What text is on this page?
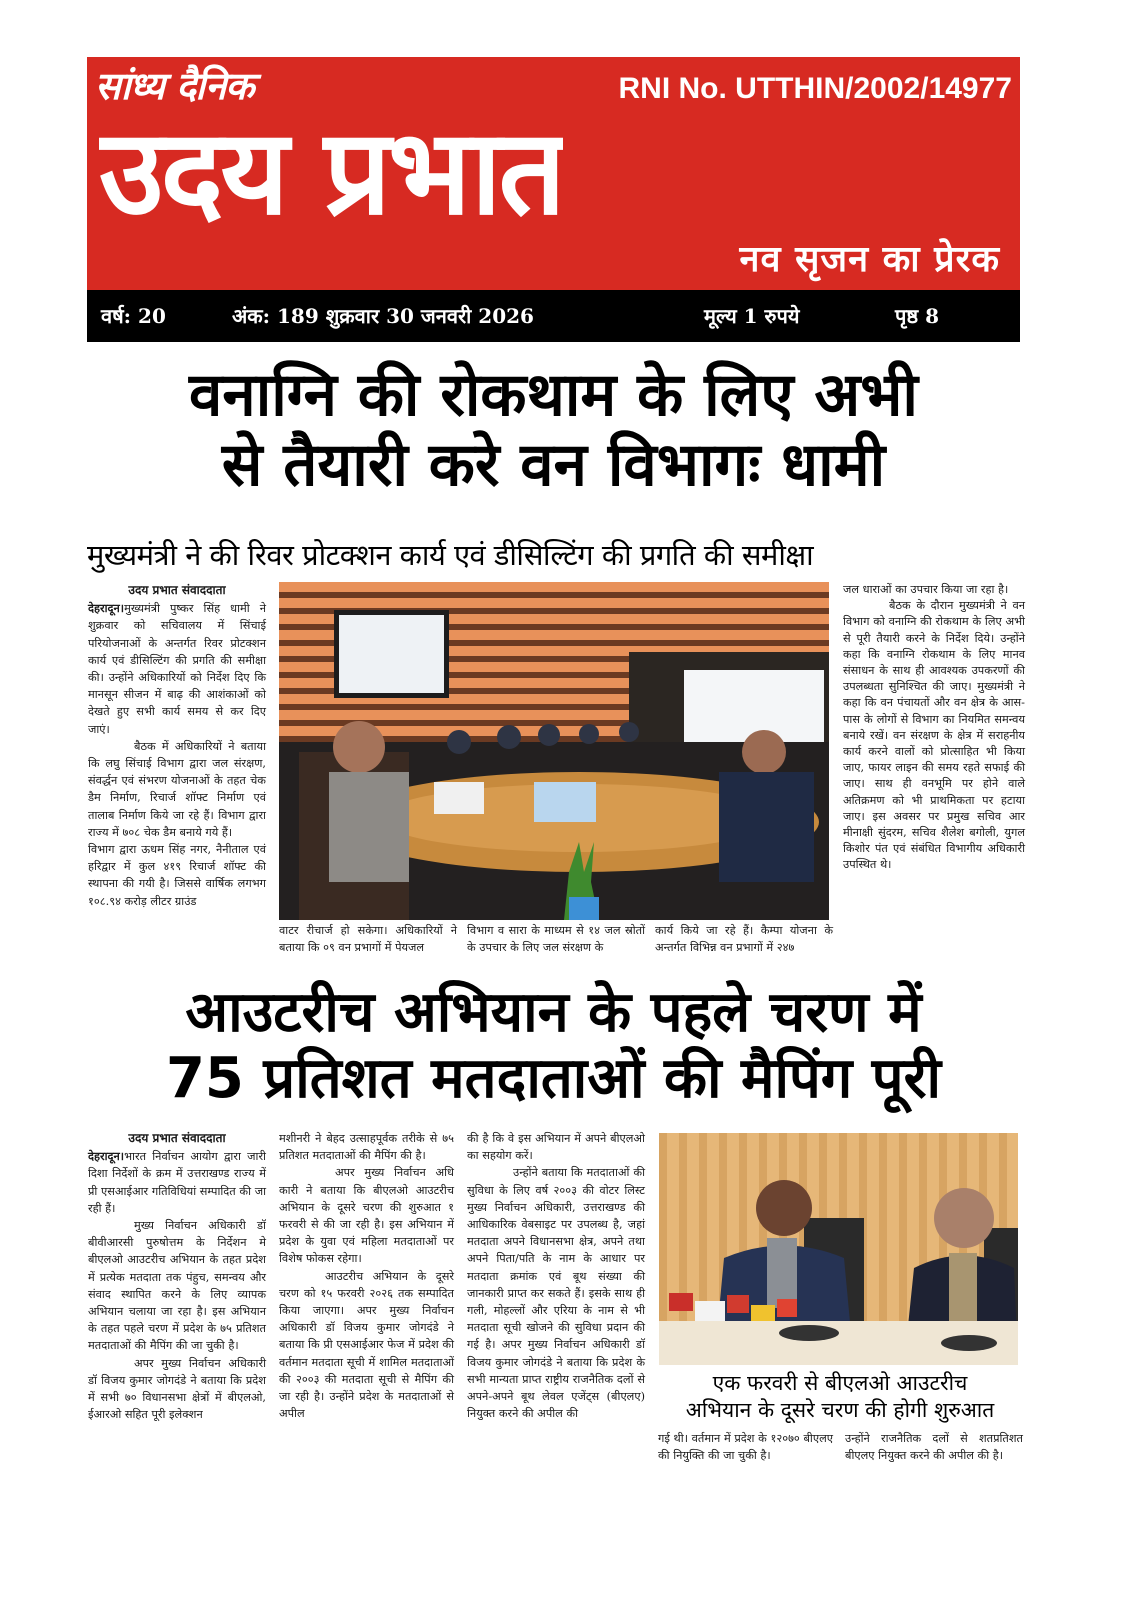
सांध्य दैनिक	RNI No. UTTHIN/2002/14977
उदय प्रभात
नव सृजन का प्रेरक
वर्ष: 20	अंक: 189 शुक्रवार 30 जनवरी 2026	मूल्य 1 रुपये	पृष्ठ 8
वनाग्नि की रोकथाम के लिए अभी
से तैयारी करे वन विभागः धामी
मुख्यमंत्री ने की रिवर प्रोटक्शन कार्य एवं डीसिल्टिंग की प्रगति की समीक्षा

उदय प्रभात संवाददाता

देहरादून।मुख्यमंत्री पुष्कर सिंह धामी ने शुक्रवार को सचिवालय में सिंचाई परियोजनाओं के अन्तर्गत रिवर प्रोटक्शन कार्य एवं डीसिल्टिंग की प्रगति की समीक्षा की। उन्होंने अधिकारियों को निर्देश दिए कि मानसून सीजन में बाढ़ की आशंकाओं को देखते हुए सभी कार्य समय से कर दिए जाएं।

बैठक में अधिकारियों ने बताया कि लघु सिंचाई विभाग द्वारा जल संरक्षण, संवर्द्धन एवं संभरण योजनाओं के तहत चेक डैम निर्माण, रिचार्ज शॉफ्ट निर्माण एवं तालाब निर्माण किये जा रहे हैं। विभाग द्वारा राज्य में ७०८ चेक डैम बनाये गये हैं।

विभाग द्वारा ऊधम सिंह नगर, नैनीताल एवं हरिद्वार में कुल ४१९ रिचार्ज शॉफ्ट की स्थापना की गयी है। जिससे वार्षिक लगभग १०८.९४ करोड़ लीटर ग्राउंड

वाटर रीचार्ज हो सकेगा। अधिकारियों ने बताया कि ०९ वन प्रभागों में पेयजल

विभाग व सारा के माध्यम से १४ जल स्रोतों के उपचार के लिए जल संरक्षण के

कार्य किये जा रहे हैं। कैम्पा योजना के अन्तर्गत विभिन्न वन प्रभागों में २४७

जल धाराओं का उपचार किया जा रहा है।

बैठक के दौरान मुख्यमंत्री ने वन विभाग को वनाग्नि की रोकथाम के लिए अभी से पूरी तैयारी करने के निर्देश दिये। उन्होंने कहा कि वनाग्नि रोकथाम के लिए मानव संसाधन के साथ ही आवश्यक उपकरणों की उपलब्धता सुनिश्चित की जाए। मुख्यमंत्री ने कहा कि वन पंचायतों और वन क्षेत्र के आस-पास के लोगों से विभाग का नियमित समन्वय बनाये रखें। वन संरक्षण के क्षेत्र में सराहनीय कार्य करने वालों को प्रोत्साहित भी किया जाए, फायर लाइन की समय रहते सफाई की जाए। साथ ही वनभूमि पर होने वाले अतिक्रमण को भी प्राथमिकता पर हटाया जाए। इस अवसर पर प्रमुख सचिव आर मीनाक्षी सुंदरम, सचिव शैलेश बगोली, युगल किशोर पंत एवं संबंधित विभागीय अधिकारी उपस्थित थे।

आउटरीच अभियान के पहले चरण में
75 प्रतिशत मतदाताओं की मैपिंग पूरी

उदय प्रभात संवाददाता

देहरादून।भारत निर्वाचन आयोग द्वारा जारी दिशा निर्देशों के क्रम में उत्तराखण्ड राज्य में प्री एसआईआर गतिविधियां सम्पादित की जा रही हैं।

मुख्य निर्वाचन अधिकारी डॉ बीवीआरसी पुरुषोत्तम के निर्देशन मे बीएलओ आउटरीच अभियान के तहत प्रदेश में प्रत्येक मतदाता तक पंहुच, समन्वय और संवाद स्थापित करने के लिए व्यापक अभियान चलाया जा रहा है। इस अभियान के तहत पहले चरण में प्रदेश के ७५ प्रतिशत मतदाताओं की मैपिंग की जा चुकी है।

अपर मुख्य निर्वाचन अधिकारी डॉ विजय कुमार जोगदंडे ने बताया कि प्रदेश में सभी ७० विधानसभा क्षेत्रों में बीएलओ, ईआरओ सहित पूरी इलेक्शन

मशीनरी ने बेहद उत्साहपूर्वक तरीके से ७५ प्रतिशत मतदाताओं की मैपिंग की है।

अपर मुख्य निर्वाचन अधि कारी ने बताया कि बीएलओ आउटरीच अभियान के दूसरे चरण की शुरुआत १ फरवरी से की जा रही है। इस अभियान में प्रदेश के युवा एवं महिला मतदाताओं पर विशेष फोकस रहेगा।

आउटरीच अभियान के दूसरे चरण को १५ फरवरी २०२६ तक सम्पादित किया जाएगा। अपर मुख्य निर्वाचन अधिकारी डॉ विजय कुमार जोगदंडे ने बताया कि प्री एसआईआर फेज में प्रदेश की वर्तमान मतदाता सूची में शामिल मतदाताओं की २००३ की मतदाता सूची से मैपिंग की जा रही है। उन्होंने प्रदेश के मतदाताओं से अपील

की है कि वे इस अभियान में अपने बीएलओ का सहयोग करें।

उन्होंने बताया कि मतदाताओं की सुविधा के लिए वर्ष २००३ की वोटर लिस्ट मुख्य निर्वाचन अधिकारी, उत्तराखण्ड की आधिकारिक वेबसाइट पर उपलब्ध है, जहां मतदाता अपने विधानसभा क्षेत्र, अपने तथा अपने पिता/पति के नाम के आधार पर मतदाता क्रमांक एवं बूथ संख्या की जानकारी प्राप्त कर सकते हैं। इसके साथ ही गली, मोहल्लों और एरिया के नाम से भी मतदाता सूची खोजने की सुविधा प्रदान की गई है। अपर मुख्य निर्वाचन अधिकारी डॉ विजय कुमार जोगदंडे ने बताया कि प्रदेश के सभी मान्यता प्राप्त राष्ट्रीय राजनैतिक दलों से अपने-अपने बूथ लेवल एजेंट्स (बीएलए) नियुक्त करने की अपील की

एक फरवरी से बीएलओ आउटरीच
अभियान के दूसरे चरण की होगी शुरुआत

गई थी। वर्तमान में प्रदेश के १२०७० बीएलए की नियुक्ति की जा चुकी है।

उन्होंने राजनैतिक दलों से शतप्रतिशत बीएलए नियुक्त करने की अपील की है।
